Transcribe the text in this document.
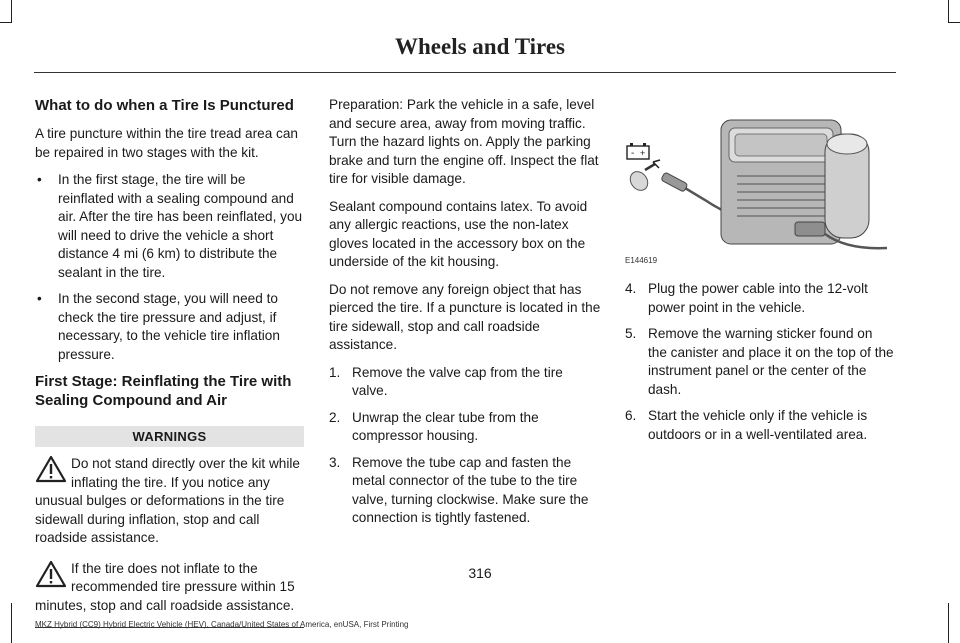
Wheels and Tires
What to do when a Tire Is Punctured

A tire puncture within the tire tread area can be repaired in two stages with the kit.

• In the first stage, the tire will be reinflated with a sealing compound and air. After the tire has been reinflated, you will need to drive the vehicle a short distance 4 mi (6 km) to distribute the sealant in the tire.
• In the second stage, you will need to check the tire pressure and adjust, if necessary, to the vehicle tire inflation pressure.
First Stage: Reinflating the Tire with Sealing Compound and Air
WARNINGS
Do not stand directly over the kit while inflating the tire. If you notice any unusual bulges or deformations in the tire sidewall during inflation, stop and call roadside assistance.
If the tire does not inflate to the recommended tire pressure within 15 minutes, stop and call roadside assistance.

Preparation: Park the vehicle in a safe, level and secure area, away from moving traffic. Turn the hazard lights on. Apply the parking brake and turn the engine off. Inspect the flat tire for visible damage.

Sealant compound contains latex. To avoid any allergic reactions, use the non-latex gloves located in the accessory box on the underside of the kit housing.

Do not remove any foreign object that has pierced the tire. If a puncture is located in the tire sidewall, stop and call roadside assistance.

1. Remove the valve cap from the tire valve.
2. Unwrap the clear tube from the compressor housing.
3. Remove the tube cap and fasten the metal connector of the tube to the tire valve, turning clockwise. Make sure the connection is tightly fastened.
- +
E144619
4. Plug the power cable into the 12-volt power point in the vehicle.
5. Remove the warning sticker found on the canister and place it on the top of the instrument panel or the center of the dash.
6. Start the vehicle only if the vehicle is outdoors or in a well-ventilated area.
316
MKZ Hybrid (CC9) Hybrid Electric Vehicle (HEV), Canada/United States of America, enUSA, First Printing
